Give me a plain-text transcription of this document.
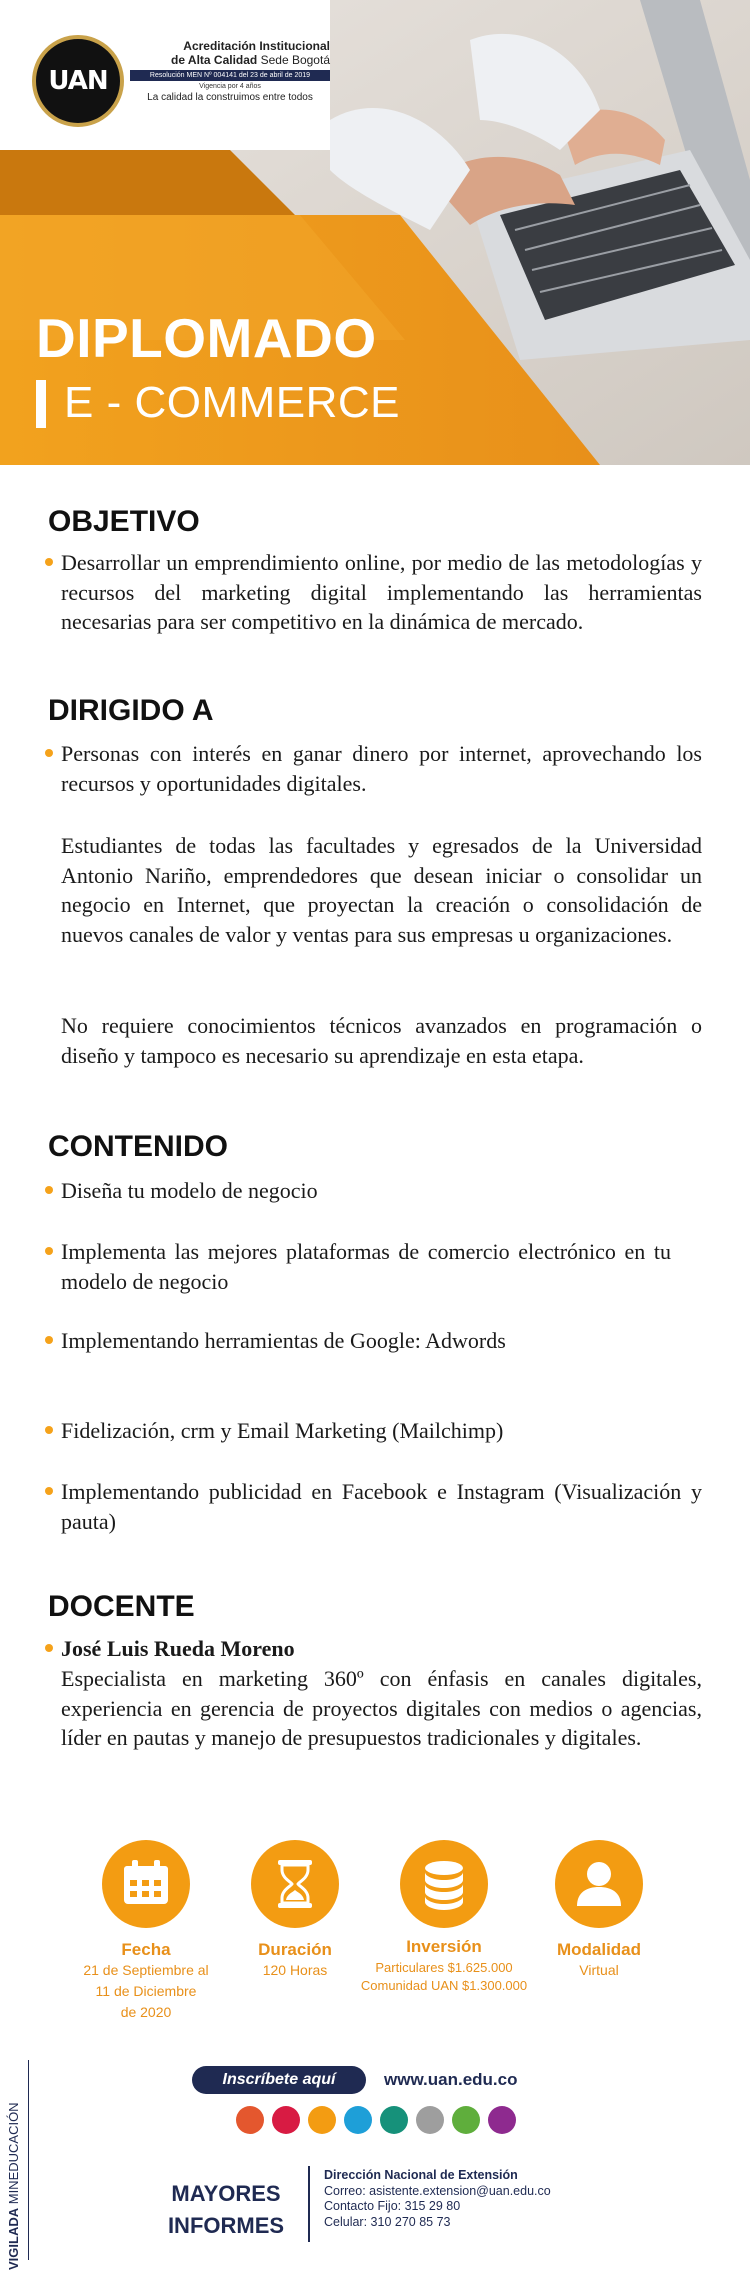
UAN
Acreditación Institucional
de Alta Calidad Sede Bogotá
Resolución MEN Nº 004141 del 23 de abril de 2019
Vigencia por 4 años
La calidad la construimos entre todos
DIPLOMADO
E - COMMERCE
OBJETIVO
Desarrollar un emprendimiento online, por medio de las metodologías y recursos del marketing digital implementando las herramientas necesarias para ser competitivo en la dinámica de mercado.
DIRIGIDO A
Personas con interés en ganar dinero por internet, aprovechando los recursos y oportunidades digitales.
Estudiantes de todas las facultades y egresados de la Universidad Antonio Nariño, emprendedores que desean iniciar o consolidar un negocio en Internet, que proyectan la creación o consolidación de nuevos canales de valor y ventas para sus empresas u organizaciones.
No requiere conocimientos técnicos avanzados en programación o diseño y tampoco es necesario su aprendizaje en esta etapa.
CONTENIDO
Diseña tu modelo de negocio
Implementa las mejores plataformas de comercio electrónico en tu modelo de negocio
Implementando herramientas de Google: Adwords
Fidelización, crm y Email Marketing (Mailchimp)
Implementando publicidad en Facebook e Instagram (Visualización y pauta)
DOCENTE
José Luis Rueda Moreno
Especialista en marketing 360º con énfasis en canales digitales, experiencia en gerencia de proyectos digitales con medios o agencias, líder en pautas y manejo de presupuestos tradicionales y digitales.
Fecha
21 de Septiembre al
11 de Diciembre
de 2020
Duración
120 Horas
Inversión
Particulares $1.625.000
Comunidad UAN $1.300.000
Modalidad
Virtual
VIGILADA MINEDUCACIÓN
Inscríbete aquí	www.uan.edu.co
MAYORES
INFORMES
Dirección Nacional de Extensión
Correo: asistente.extension@uan.edu.co
Contacto Fijo: 315 29 80
Celular: 310 270 85 73
